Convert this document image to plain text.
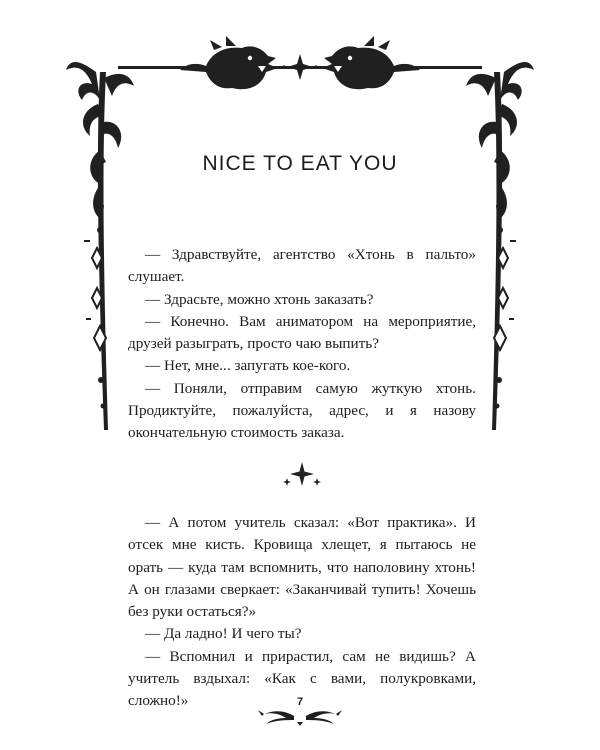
NICE TO EAT YOU

— Здравствуйте, агентство «Хтонь в пальто» слушает.

— Здрасьте, можно хтонь заказать?

— Конечно. Вам аниматором на мероприятие, друзей разыграть, просто чаю выпить?

— Нет, мне... запугать кое-кого.

— Поняли, отправим самую жуткую хтонь. Продиктуйте, пожалуйста, адрес, и я назову окончательную стоимость заказа.

— А потом учитель сказал: «Вот практика». И отсек мне кисть. Кровища хлещет, я пытаюсь не орать — куда там вспомнить, что наполовину хтонь! А он глазами сверкает: «Заканчивай тупить! Хочешь без руки остаться?»

— Да ладно! И чего ты?

— Вспомнил и прирастил, сам не видишь? А учитель вздыхал: «Как с вами, полукровками, сложно!»	7
